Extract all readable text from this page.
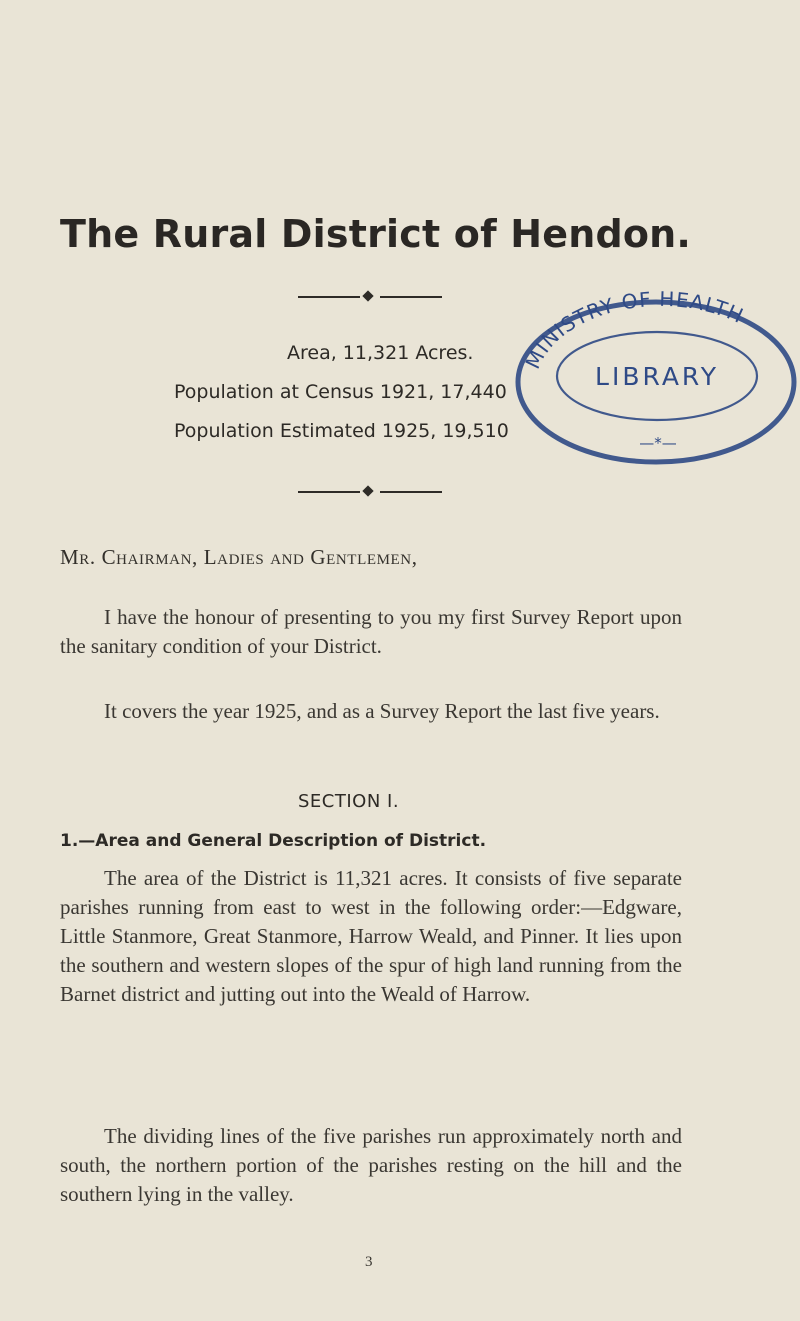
The Rural District of Hendon.
Area, 11,321 Acres.
Population at Census 1921, 17,440
Population Estimated 1925, 19,510
MINISTRY OF HEALTH
LIBRARY
—*—
Mr. Chairman, Ladies and Gentlemen,

I have the honour of presenting to you my first Survey Report upon the sanitary condition of your District.

It covers the year 1925, and as a Survey Report the last five years.

SECTION I.
1.—Area and General Description of District.

The area of the District is 11,321 acres. It consists of five separate parishes running from east to west in the following order:—Edgware, Little Stanmore, Great Stanmore, Harrow Weald, and Pinner. It lies upon the southern and western slopes of the spur of high land running from the Barnet district and jutting out into the Weald of Harrow.

The dividing lines of the five parishes run approximately north and south, the northern portion of the parishes resting on the hill and the southern lying in the valley.

3
